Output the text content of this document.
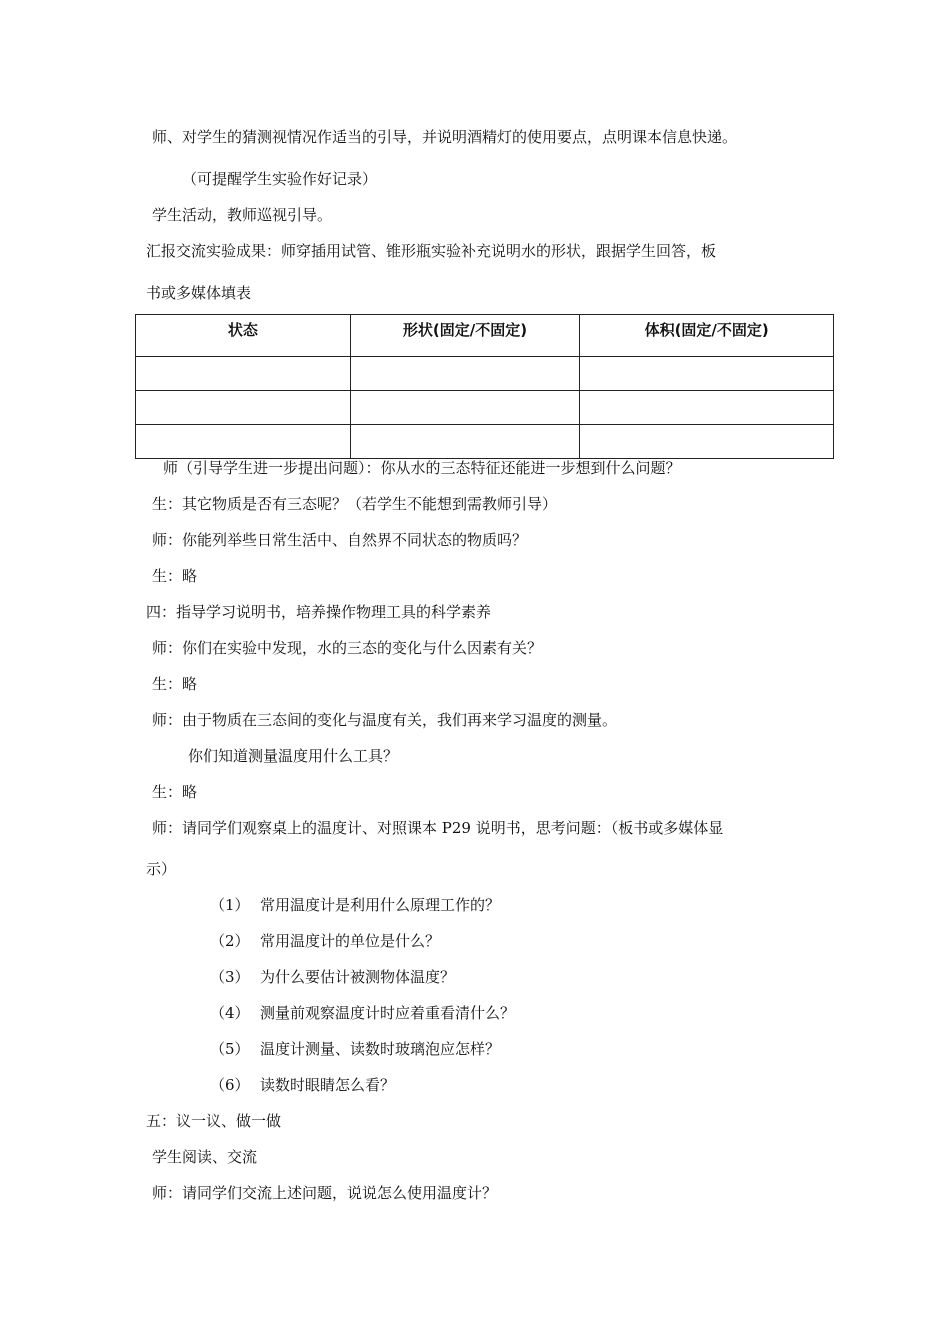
师、对学生的猜测视情况作适当的引导，并说明酒精灯的使用要点，点明课本信息快递。
（可提醒学生实验作好记录）
学生活动，教师巡视引导。
汇报交流实验成果：师穿插用试管、锥形瓶实验补充说明水的形状，跟据学生回答，板
书或多媒体填表
状态	形状(固定/不固定)	体积(固定/不固定)

师（引导学生进一步提出问题）：你从水的三态特征还能进一步想到什么问题？
生：其它物质是否有三态呢？（若学生不能想到需教师引导）
师：你能列举些日常生活中、自然界不同状态的物质吗？
生：略
四：指导学习说明书，培养操作物理工具的科学素养
师：你们在实验中发现，水的三态的变化与什么因素有关？
生：略
师：由于物质在三态间的变化与温度有关，我们再来学习温度的测量。
你们知道测量温度用什么工具？
生：略
师：请同学们观察桌上的温度计、对照课本 P29 说明书，思考问题：（板书或多媒体显
示）
（1） 常用温度计是利用什么原理工作的？
（2） 常用温度计的单位是什么？
（3） 为什么要估计被测物体温度？
（4） 测量前观察温度计时应着重看清什么？
（5） 温度计测量、读数时玻璃泡应怎样？
（6） 读数时眼睛怎么看？
五：议一议、做一做
学生阅读、交流
师：请同学们交流上述问题，说说怎么使用温度计？
